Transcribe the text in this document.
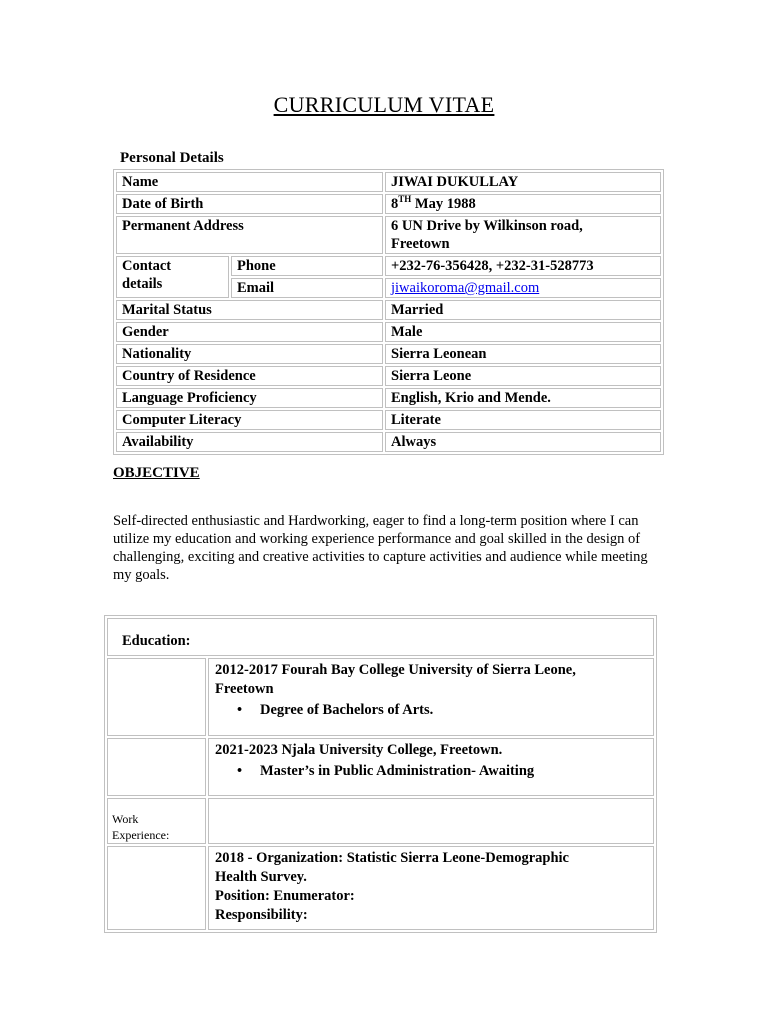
CURRICULUM VITAE
Personal Details
Name		JIWAI DUKULLAY
Date of Birth		8TH May 1988
Permanent Address		6 UN Drive by Wilkinson road,
Freetown

Contact
details	Phone	+232-76-356428, +232-31-528773
	Email	jiwaikoroma@gmail.com
Marital Status		Married
Gender		Male
Nationality		Sierra Leonean
Country of Residence		Sierra Leone
Language Proficiency		English, Krio and Mende.
Computer Literacy		Literate
Availability		Always
OBJECTIVE
Self-directed enthusiastic and Hardworking, eager to find a long-term position where I can utilize my education and working experience performance and goal skilled in the design of challenging, exciting and creative activities to capture activities and audience while meeting my goals.
Education:	

	2012-2017 Fourah Bay College University of Sierra Leone,
Freetown
• Degree of Bachelors of Arts.

	2021-2023 Njala University College, Freetown.
• Master’s in Public Administration- Awaiting

Work
Experience:	

	2018 - Organization: Statistic Sierra Leone-Demographic
Health Survey.
Position: Enumerator:
Responsibility:
